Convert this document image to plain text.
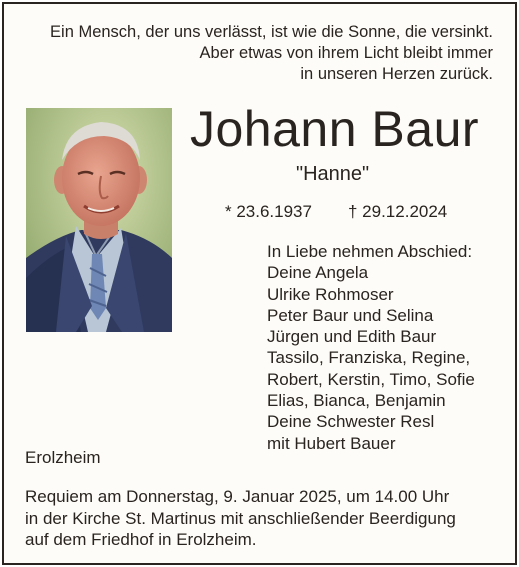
Ein Mensch, der uns verlässt, ist wie die Sonne, die versinkt.
Aber etwas von ihrem Licht bleibt immer
in unseren Herzen zurück.
Johann Baur
"Hanne"
* 23.6.1937 † 29.12.2024
In Liebe nehmen Abschied:
Deine Angela
Ulrike Rohmoser
Peter Baur und Selina
Jürgen und Edith Baur
Tassilo, Franziska, Regine,
Robert, Kerstin, Timo, Sofie
Elias, Bianca, Benjamin
Deine Schwester Resl
mit Hubert Bauer
Erolzheim
Requiem am Donnerstag, 9. Januar 2025, um 14.00 Uhr
in der Kirche St. Martinus mit anschließender Beerdigung
auf dem Friedhof in Erolzheim.
